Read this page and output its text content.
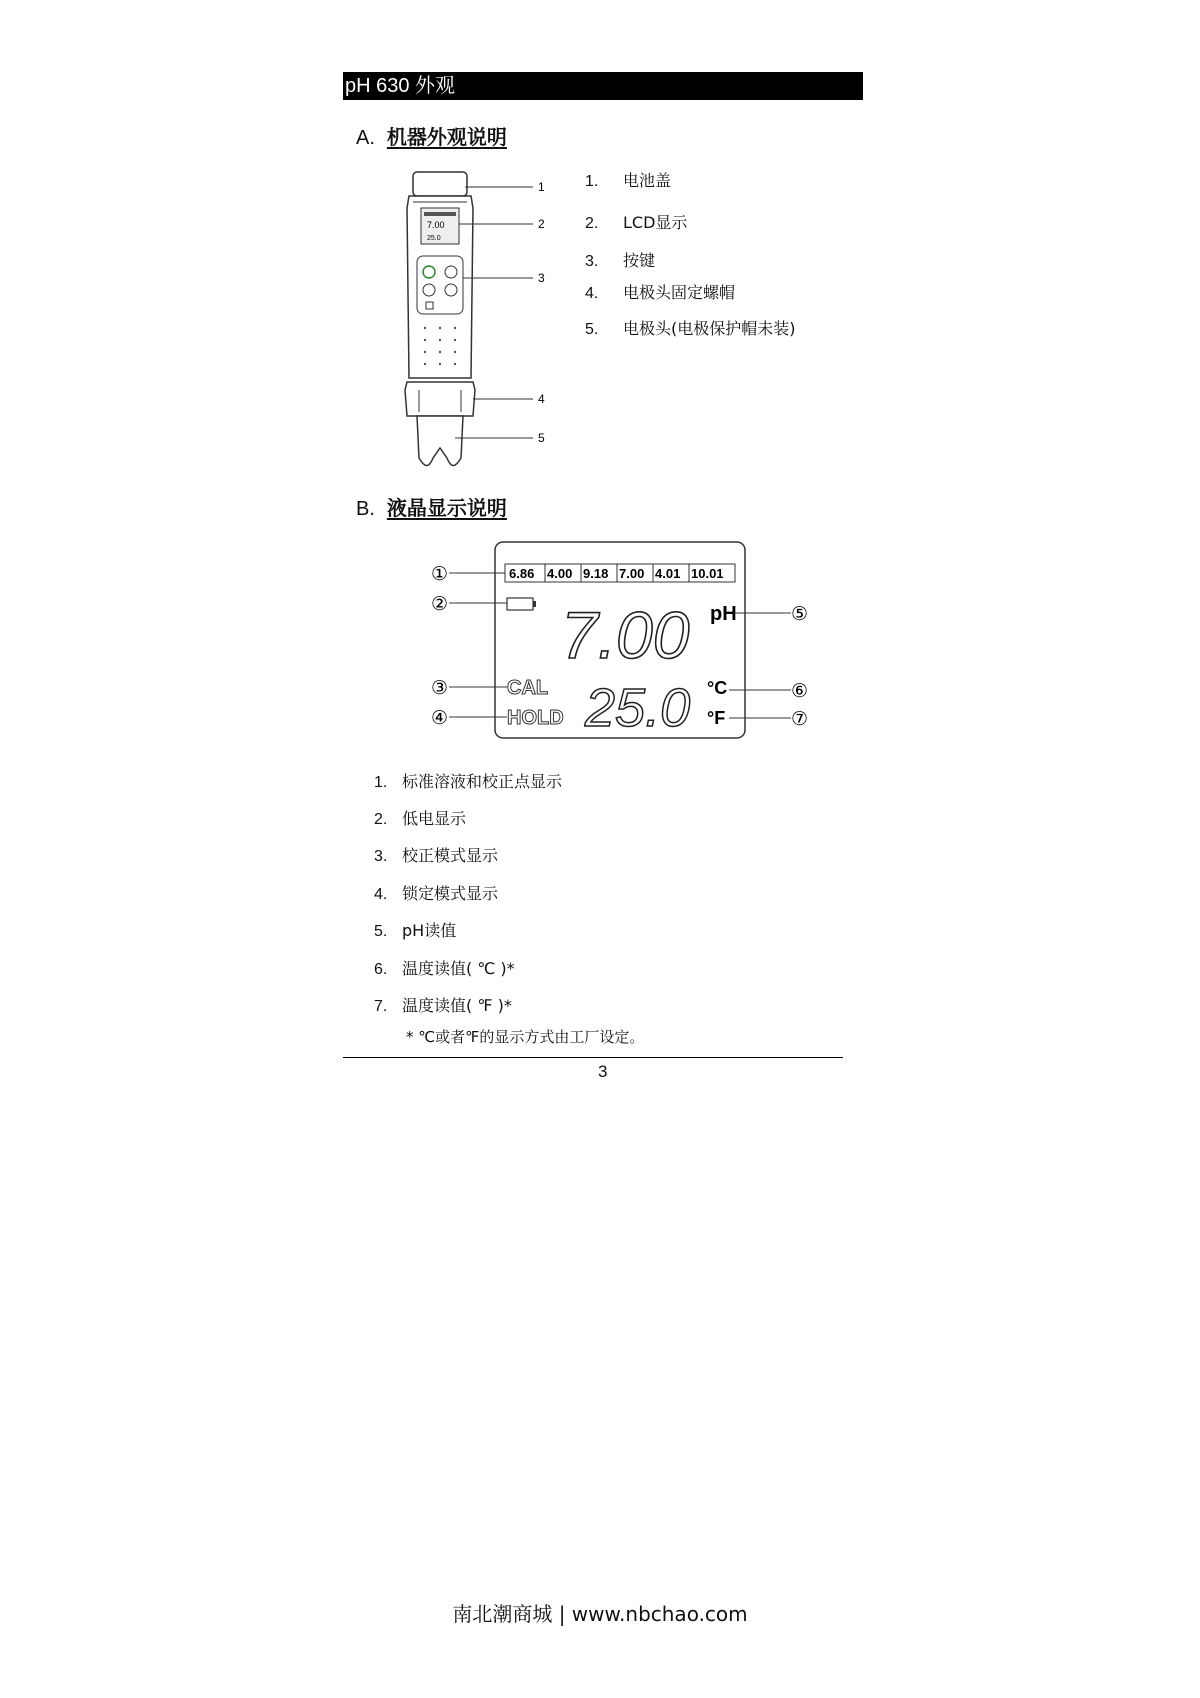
pH 630 外观
A. 机器外观说明
7.00
25.0
1
2
3
4
5
1. 电池盖
2. LCD显示
3. 按键
4. 电极头固定螺帽
5. 电极头(电极保护帽未装)
B. 液晶显示说明
6.86 4.00 9.18 7.00 4.01 10.01
7.00 pH
CAL
HOLD 25.0 °C
°F
①
②
③
④
⑤
⑥
⑦
1. 标准溶液和校正点显示
2. 低电显示
3. 校正模式显示
4. 锁定模式显示
5. pH读值
6. 温度读值( ℃ )*
7. 温度读值( ℉ )*
* ℃或者℉的显示方式由工厂设定。
3
南北潮商城 | www.nbchao.com
